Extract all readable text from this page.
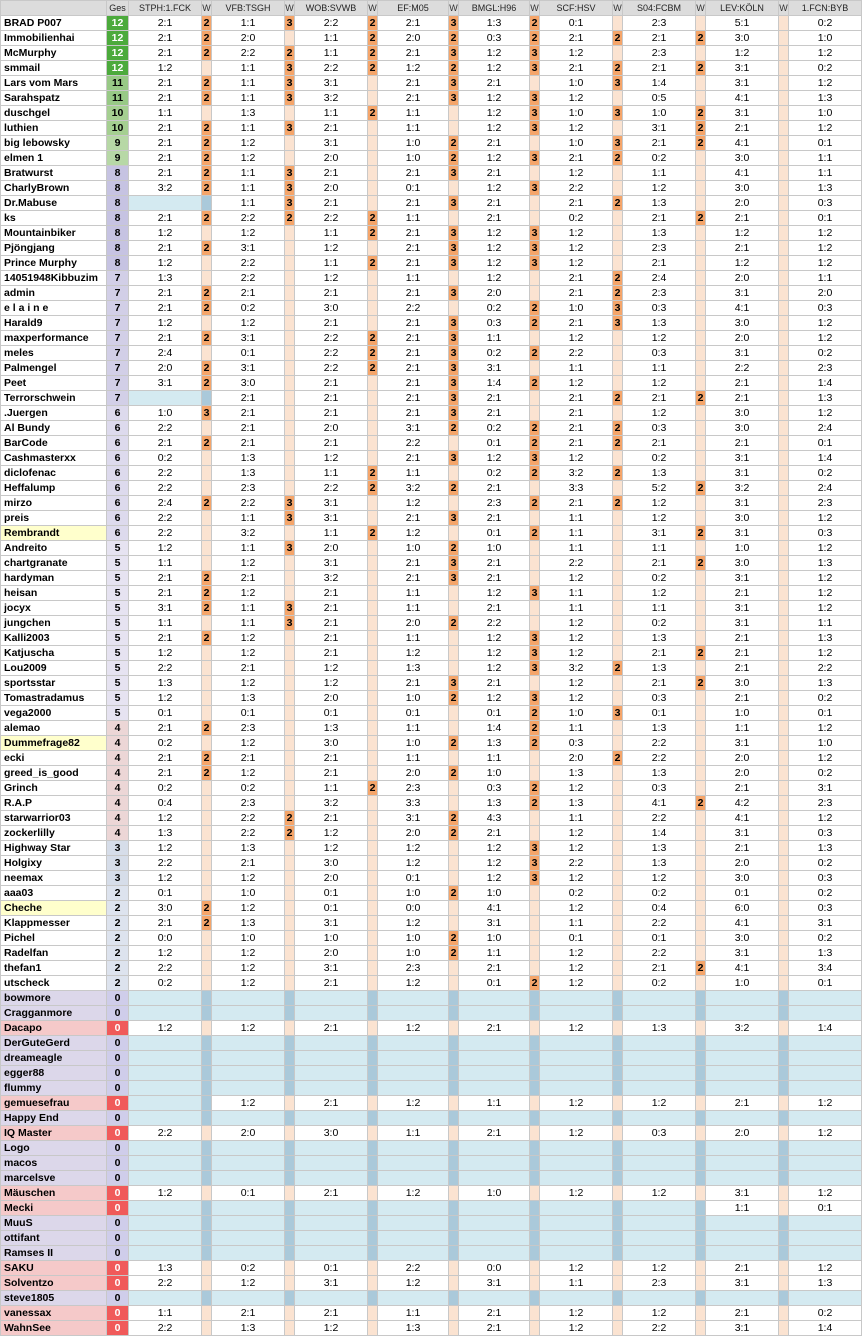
	Ges	STPH:1.FCK	W	VFB:TSGH	W	WOB:SVWB	W	EF:M05	W	BMGL:H96	W	SCF:HSV	W	S04:FCBM	W	LEV:KÖLN	W	1.FCN:BYB
BRAD P007	12	2:1	2	1:1	3	2:2	2	2:1	3	1:3	2	0:1		2:3		5:1		0:2
Immobilienhai	12	2:1	2	2:0		1:1	2	2:0	2	0:3	2	2:1	2	2:1	2	3:0		1:0
McMurphy	12	2:1	2	2:2	2	1:1	2	2:1	3	1:2	3	1:2		2:3		1:2		1:2
smmail	12	1:2		1:1	3	2:2	2	1:2	2	1:2	3	2:1	2	2:1	2	3:1		0:2
Lars vom Mars	11	2:1	2	1:1	3	3:1		2:1	3	2:1		1:0	3	1:4		3:1		1:2
Sarahspatz	11	2:1	2	1:1	3	3:2		2:1	3	1:2	3	1:2		0:5		4:1		1:3
duschgel	10	1:1		1:3		1:1	2	1:1		1:2	3	1:0	3	1:0	2	3:1		1:0
luthien	10	2:1	2	1:1	3	2:1		1:1		1:2	3	1:2		3:1	2	2:1		1:2
big lebowsky	9	2:1	2	1:2		3:1		1:0	2	2:1		1:0	3	2:1	2	4:1		0:1
elmen 1	9	2:1	2	1:2		2:0		1:0	2	1:2	3	2:1	2	0:2		3:0		1:1
Bratwurst	8	2:1	2	1:1	3	2:1		2:1	3	2:1		1:2		1:1		4:1		1:1
CharlyBrown	8	3:2	2	1:1	3	2:0		0:1		1:2	3	2:2		1:2		3:0		1:3
Dr.Mabuse	8			1:1	3	2:1		2:1	3	2:1		2:1	2	1:3		2:0		0:3
ks	8	2:1	2	2:2	2	2:2	2	1:1		2:1		0:2		2:1	2	2:1		0:1
Mountainbiker	8	1:2		1:2		1:1	2	2:1	3	1:2	3	1:2		1:3		1:2		1:2
Pjöngjang	8	2:1	2	3:1		1:2		2:1	3	1:2	3	1:2		2:3		2:1		1:2
Prince Murphy	8	1:2		2:2		1:1	2	2:1	3	1:2	3	1:2		2:1		1:2		1:2
14051948Kibbuzim	7	1:3		2:2		1:2		1:1		1:2		2:1	2	2:4		2:0		1:1
admin	7	2:1	2	2:1		2:1		2:1	3	2:0		2:1	2	2:3		3:1		2:0
e l a i n e	7	2:1	2	0:2		3:0		2:2		0:2	2	1:0	3	0:3		4:1		0:3
Harald9	7	1:2		1:2		2:1		2:1	3	0:3	2	2:1	3	1:3		3:0		1:2
maxperformance	7	2:1	2	3:1		2:2	2	2:1	3	1:1		1:2		1:2		2:0		1:2
meles	7	2:4		0:1		2:2	2	2:1	3	0:2	2	2:2		0:3		3:1		0:2
Palmengel	7	2:0	2	3:1		2:2	2	2:1	3	3:1		1:1		1:1		2:2		2:3
Peet	7	3:1	2	3:0		2:1		2:1	3	1:4	2	1:2		1:2		2:1		1:4
Terrorschwein	7			2:1		2:1		2:1	3	2:1		2:1	2	2:1	2	2:1		1:3
.Juergen	6	1:0	3	2:1		2:1		2:1	3	2:1		2:1		1:2		3:0		1:2
Al Bundy	6	2:2		2:1		2:0		3:1	2	0:2	2	2:1	2	0:3		3:0		2:4
BarCode	6	2:1	2	2:1		2:1		2:2		0:1	2	2:1	2	2:1		2:1		0:1
Cashmasterxx	6	0:2		1:3		1:2		2:1	3	1:2	3	1:2		0:2		3:1		1:4
diclofenac	6	2:2		1:3		1:1	2	1:1		0:2	2	3:2	2	1:3		3:1		0:2
Heffalump	6	2:2		2:3		2:2	2	3:2	2	2:1		3:3		5:2	2	3:2		2:4
mirzo	6	2:4	2	2:2	3	3:1		1:2		2:3	2	2:1	2	1:2		3:1		2:3
preis	6	2:2		1:1	3	3:1		2:1	3	2:1		1:1		1:2		3:0		1:2
Rembrandt	6	2:2		3:2		1:1	2	1:2		0:1	2	1:1		3:1	2	3:1		0:3
Andreito	5	1:2		1:1	3	2:0		1:0	2	1:0		1:1		1:1		1:0		1:2
chartgranate	5	1:1		1:2		3:1		2:1	3	2:1		2:2		2:1	2	3:0		1:3
hardyman	5	2:1	2	2:1		3:2		2:1	3	2:1		1:2		0:2		3:1		1:2
heisan	5	2:1	2	1:2		2:1		1:1		1:2	3	1:1		1:2		2:1		1:2
jocyx	5	3:1	2	1:1	3	2:1		1:1		2:1		1:1		1:1		3:1		1:2
jungchen	5	1:1		1:1	3	2:1		2:0	2	2:2		1:2		0:2		3:1		1:1
Kalli2003	5	2:1	2	1:2		2:1		1:1		1:2	3	1:2		1:3		2:1		1:3
Katjuscha	5	1:2		1:2		2:1		1:2		1:2	3	1:2		2:1	2	2:1		1:2
Lou2009	5	2:2		2:1		1:2		1:3		1:2	3	3:2	2	1:3		2:1		2:2
sportsstar	5	1:3		1:2		1:2		2:1	3	2:1		1:2		2:1	2	3:0		1:3
Tomastradamus	5	1:2		1:3		2:0		1:0	2	1:2	3	1:2		0:3		2:1		0:2
vega2000	5	0:1		0:1		0:1		0:1		0:1	2	1:0	3	0:1		1:0		0:1
alemao	4	2:1	2	2:3		1:3		1:1		1:4	2	1:1		1:3		1:1		1:2
Dummefrage82	4	0:2		1:2		3:0		1:0	2	1:3	2	0:3		2:2		3:1		1:0
ecki	4	2:1	2	2:1		2:1		1:1		1:1		2:0	2	2:2		2:0		1:2
greed_is_good	4	2:1	2	1:2		2:1		2:0	2	1:0		1:3		1:3		2:0		0:2
Grinch	4	0:2		0:2		1:1	2	2:3		0:3	2	1:2		0:3		2:1		3:1
R.A.P	4	0:4		2:3		3:2		3:3		1:3	2	1:3		4:1	2	4:2		2:3
starwarrior03	4	1:2		2:2	2	2:1		3:1	2	4:3		1:1		2:2		4:1		1:2
zockerlilly	4	1:3		2:2	2	1:2		2:0	2	2:1		1:2		1:4		3:1		0:3
Highway Star	3	1:2		1:3		1:2		1:2		1:2	3	1:2		1:3		2:1		1:3
Holgixy	3	2:2		2:1		3:0		1:2		1:2	3	2:2		1:3		2:0		0:2
neemax	3	1:2		1:2		2:0		0:1		1:2	3	1:2		1:2		3:0		0:3
aaa03	2	0:1		1:0		0:1		1:0	2	1:0		0:2		0:2		0:1		0:2
Cheche	2	3:0	2	1:2		0:1		0:0		4:1		1:2		0:4		6:0		0:3
Klappmesser	2	2:1	2	1:3		3:1		1:2		3:1		1:1		2:2		4:1		3:1
Pichel	2	0:0		1:0		1:0		1:0	2	1:0		0:1		0:1		3:0		0:2
Radelfan	2	1:2		1:2		2:0		1:0	2	1:1		1:2		2:2		3:1		1:3
thefan1	2	2:2		1:2		3:1		2:3		2:1		1:2		2:1	2	4:1		3:4
utscheck	2	0:2		1:2		2:1		1:2		0:1	2	1:2		0:2		1:0		0:1
bowmore	0																	
Cragganmore	0																	
Dacapo	0	1:2		1:2		2:1		1:2		2:1		1:2		1:3		3:2		1:4
DerGuteGerd	0																	
dreameagle	0																	
egger88	0																	
flummy	0																	
gemuesefrau	0			1:2		2:1		1:2		1:1		1:2		1:2		2:1		1:2
Happy End	0																	
IQ Master	0	2:2		2:0		3:0		1:1		2:1		1:2		0:3		2:0		1:2
Logo	0																	
macos	0																	
marcelsve	0																	
Mäuschen	0	1:2		0:1		2:1		1:2		1:0		1:2		1:2		3:1		1:2
Mecki	0															1:1		0:1
MuuS	0																	
ottifant	0																	
Ramses II	0																	
SAKU	0	1:3		0:2		0:1		2:2		0:0		1:2		1:2		2:1		1:2
Solventzo	0	2:2		1:2		3:1		1:2		3:1		1:1		2:3		3:1		1:3
steve1805	0																	
vanessax	0	1:1		2:1		2:1		1:1		2:1		1:2		1:2		2:1		0:2
WahnSee	0	2:2		1:3		1:2		1:3		2:1		1:2		2:2		3:1		1:4
